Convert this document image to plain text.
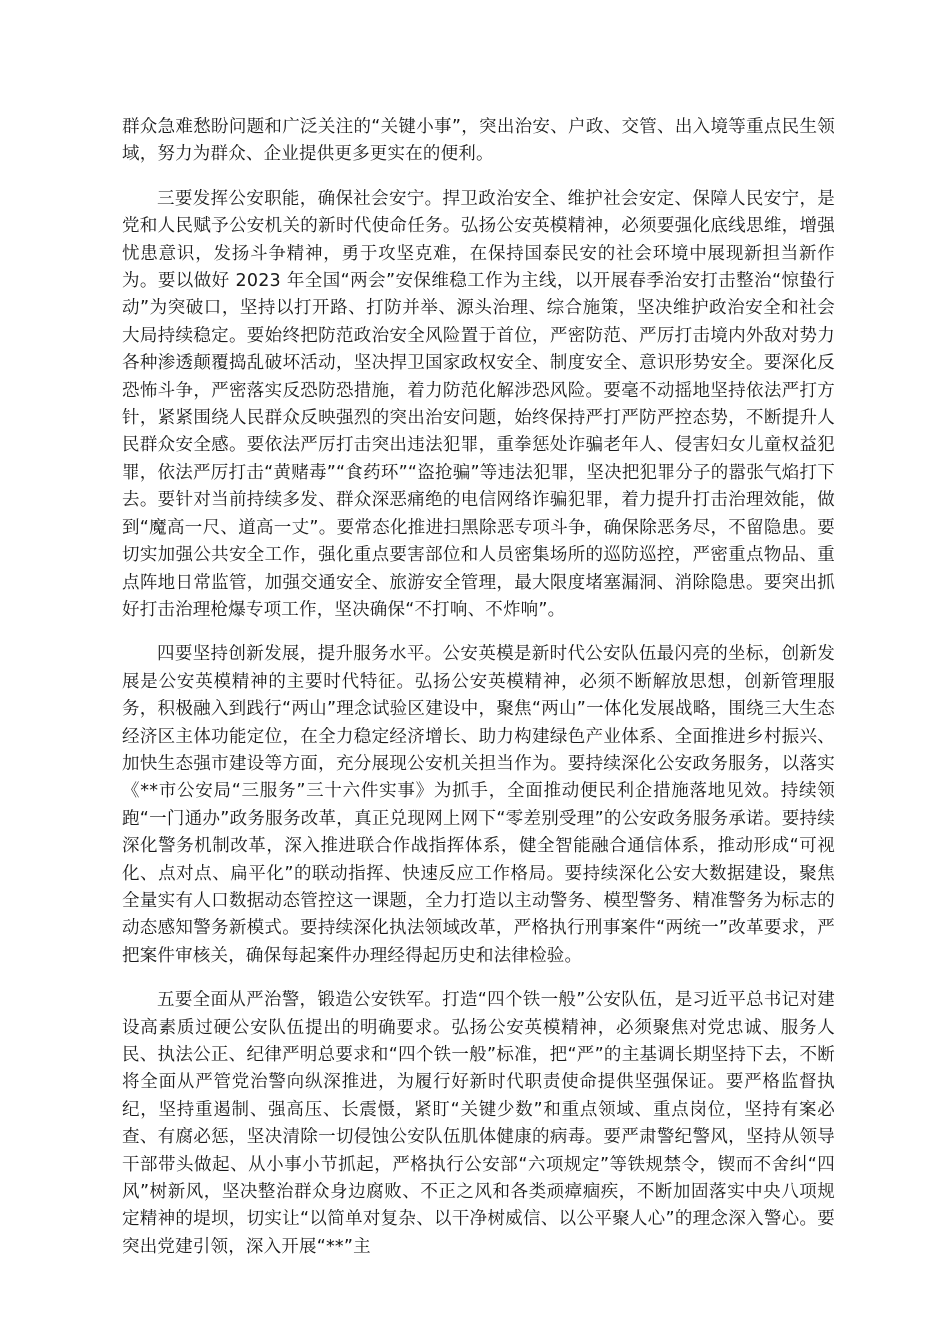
群众急难愁盼问题和广泛关注的“关键小事”，突出治安、户政、交管、出入境等重点民生领域，努力为群众、企业提供更多更实在的便利。

三要发挥公安职能，确保社会安宁。捍卫政治安全、维护社会安定、保障人民安宁，是党和人民赋予公安机关的新时代使命任务。弘扬公安英模精神，必须要强化底线思维，增强忧患意识，发扬斗争精神，勇于攻坚克难，在保持国泰民安的社会环境中展现新担当新作为。要以做好 2023 年全国“两会”安保维稳工作为主线，以开展春季治安打击整治“惊蛰行动”为突破口，坚持以打开路、打防并举、源头治理、综合施策，坚决维护政治安全和社会大局持续稳定。要始终把防范政治安全风险置于首位，严密防范、严厉打击境内外敌对势力各种渗透颠覆捣乱破坏活动，坚决捍卫国家政权安全、制度安全、意识形势安全。要深化反恐怖斗争，严密落实反恐防恐措施，着力防范化解涉恐风险。要毫不动摇地坚持依法严打方针，紧紧围绕人民群众反映强烈的突出治安问题，始终保持严打严防严控态势，不断提升人民群众安全感。要依法严厉打击突出违法犯罪，重拳惩处诈骗老年人、侵害妇女儿童权益犯罪，依法严厉打击“黄赌毒”“食药环”“盗抢骗”等违法犯罪，坚决把犯罪分子的嚣张气焰打下去。要针对当前持续多发、群众深恶痛绝的电信网络诈骗犯罪，着力提升打击治理效能，做到“魔高一尺、道高一丈”。要常态化推进扫黑除恶专项斗争，确保除恶务尽，不留隐患。要切实加强公共安全工作，强化重点要害部位和人员密集场所的巡防巡控，严密重点物品、重点阵地日常监管，加强交通安全、旅游安全管理，最大限度堵塞漏洞、消除隐患。要突出抓好打击治理枪爆专项工作，坚决确保“不打响、不炸响”。

四要坚持创新发展，提升服务水平。公安英模是新时代公安队伍最闪亮的坐标，创新发展是公安英模精神的主要时代特征。弘扬公安英模精神，必须不断解放思想，创新管理服务，积极融入到践行“两山”理念试验区建设中，聚焦“两山”一体化发展战略，围绕三大生态经济区主体功能定位，在全力稳定经济增长、助力构建绿色产业体系、全面推进乡村振兴、加快生态强市建设等方面，充分展现公安机关担当作为。要持续深化公安政务服务，以落实《**市公安局“三服务”三十六件实事》为抓手，全面推动便民利企措施落地见效。持续领跑“一门通办”政务服务改革，真正兑现网上网下“零差别受理”的公安政务服务承诺。要持续深化警务机制改革，深入推进联合作战指挥体系，健全智能融合通信体系，推动形成“可视化、点对点、扁平化”的联动指挥、快速反应工作格局。要持续深化公安大数据建设，聚焦全量实有人口数据动态管控这一课题，全力打造以主动警务、模型警务、精准警务为标志的动态感知警务新模式。要持续深化执法领域改革，严格执行刑事案件“两统一”改革要求，严把案件审核关，确保每起案件办理经得起历史和法律检验。

五要全面从严治警，锻造公安铁军。打造“四个铁一般”公安队伍，是习近平总书记对建设高素质过硬公安队伍提出的明确要求。弘扬公安英模精神，必须聚焦对党忠诚、服务人民、执法公正、纪律严明总要求和“四个铁一般”标准，把“严”的主基调长期坚持下去，不断将全面从严管党治警向纵深推进，为履行好新时代职责使命提供坚强保证。要严格监督执纪，坚持重遏制、强高压、长震慑，紧盯“关键少数”和重点领域、重点岗位，坚持有案必查、有腐必惩，坚决清除一切侵蚀公安队伍肌体健康的病毒。要严肃警纪警风，坚持从领导干部带头做起、从小事小节抓起，严格执行公安部“六项规定”等铁规禁令，锲而不舍纠“四风”树新风，坚决整治群众身边腐败、不正之风和各类顽瘴痼疾，不断加固落实中央八项规定精神的堤坝，切实让“以简单对复杂、以干净树威信、以公平聚人心”的理念深入警心。要突出党建引领，深入开展“**”主
